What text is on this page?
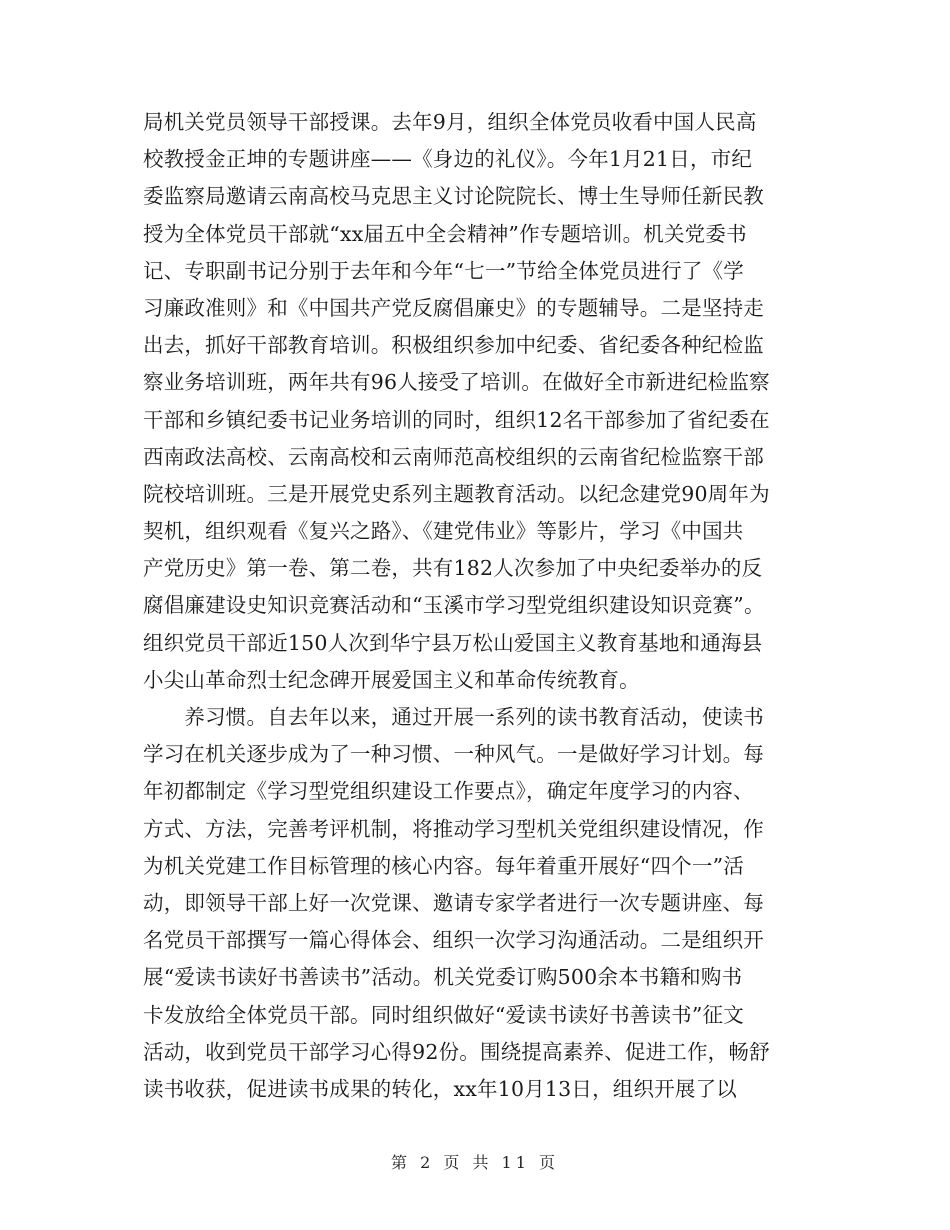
局机关党员领导干部授课。去年9月，组织全体党员收看中国人民高
校教授金正坤的专题讲座——《身边的礼仪》。今年1月21日，市纪
委监察局邀请云南高校马克思主义讨论院院长、博士生导师任新民教
授为全体党员干部就“xx届五中全会精神”作专题培训。机关党委书
记、专职副书记分别于去年和今年“七一”节给全体党员进行了《学
习廉政准则》和《中国共产党反腐倡廉史》的专题辅导。二是坚持走
出去，抓好干部教育培训。积极组织参加中纪委、省纪委各种纪检监
察业务培训班，两年共有96人接受了培训。在做好全市新进纪检监察
干部和乡镇纪委书记业务培训的同时，组织12名干部参加了省纪委在
西南政法高校、云南高校和云南师范高校组织的云南省纪检监察干部
院校培训班。三是开展党史系列主题教育活动。以纪念建党90周年为
契机，组织观看《复兴之路》、《建党伟业》等影片，学习《中国共
产党历史》第一卷、第二卷，共有182人次参加了中央纪委举办的反
腐倡廉建设史知识竞赛活动和“玉溪市学习型党组织建设知识竞赛”。
组织党员干部近150人次到华宁县万松山爱国主义教育基地和通海县
小尖山革命烈士纪念碑开展爱国主义和革命传统教育。
　　养习惯。自去年以来，通过开展一系列的读书教育活动，使读书
学习在机关逐步成为了一种习惯、一种风气。一是做好学习计划。每
年初都制定《学习型党组织建设工作要点》，确定年度学习的内容、
方式、方法，完善考评机制，将推动学习型机关党组织建设情况，作
为机关党建工作目标管理的核心内容。每年着重开展好“四个一”活
动，即领导干部上好一次党课、邀请专家学者进行一次专题讲座、每
名党员干部撰写一篇心得体会、组织一次学习沟通活动。二是组织开
展“爱读书读好书善读书”活动。机关党委订购500余本书籍和购书
卡发放给全体党员干部。同时组织做好“爱读书读好书善读书”征文
活动，收到党员干部学习心得92份。围绕提高素养、促进工作，畅舒
读书收获，促进读书成果的转化，xx年10月13日，组织开展了以
第 2 页 共 11 页
